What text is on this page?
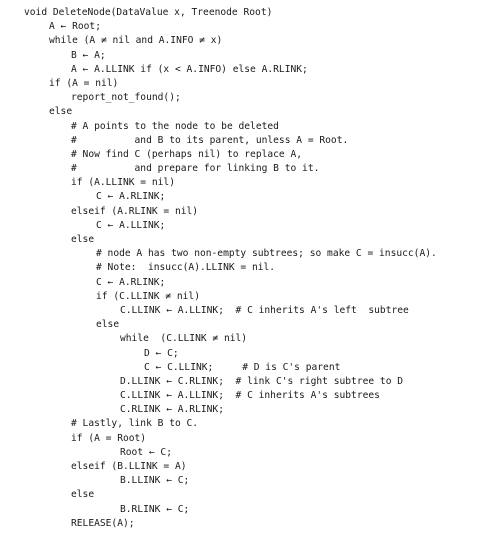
void DeleteNode(DataValue x, Treenode Root)
A ← Root;
while (A ≠ nil and A.INFO ≠ x)
B ← A;
A ← A.LLINK if (x < A.INFO) else A.RLINK;
if (A = nil)
report_not_found();
else
# A points to the node to be deleted
#          and B to its parent, unless A = Root.
# Now find C (perhaps nil) to replace A,
#          and prepare for linking B to it.
if (A.LLINK = nil)
C ← A.RLINK;
elseif (A.RLINK = nil)
C ← A.LLINK;
else
# node A has two non-empty subtrees; so make C = insucc(A).
# Note:  insucc(A).LLINK = nil.
C ← A.RLINK;
if (C.LLINK ≠ nil)
C.LLINK ← A.LLINK;  # C inherits A's left  subtree
else
while  (C.LLINK ≠ nil)
D ← C;
C ← C.LLINK;     # D is C's parent
D.LLINK ← C.RLINK;  # link C's right subtree to D
C.LLINK ← A.LLINK;  # C inherits A's subtrees
C.RLINK ← A.RLINK;
# Lastly, link B to C.
if (A = Root)
Root ← C;
elseif (B.LLINK = A)
B.LLINK ← C;
else
B.RLINK ← C;
RELEASE(A);
